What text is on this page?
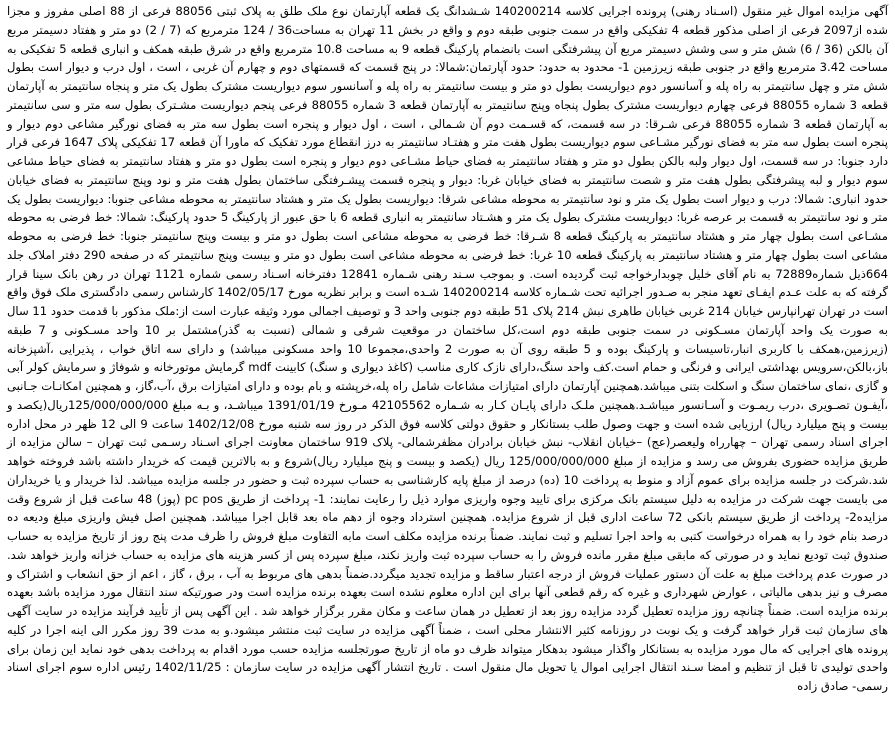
آگهی مزایده اموال غیر منقول (اسـناد رهنی) پرونده اجرایی کلاسه 140200214 شـشدانگ یک قطعه آپارتمان نوع ملک طلق به پلاک ثبتی 88056 فرعی از 88 اصلی مفروز و مجزا شده از2097 فرعی از اصلی مذکور قطعه 4 تفکیکی واقع در سمت جنوبی طبقه دوم و واقع در بخش 11 تهران به مساحت36 / 124 مترمربع که (7 / 2) دو متر و هفتاد دسیمتر مربع آن بالکن (36 / 6) شش متر و سی وشش دسیمتر مربع آن پیشرفتگی است بانضمام پارکینگ قطعه 9 به مساحت 10.8 مترمربع واقع در شرق طبقه همکف و انباری قطعه 5 تفکیکی به مساحت 3.42 مترمربع واقع در جنوبی طبقه زیرزمین 1- محدود به حدود: حدود آپارتمان:شمالا: در پنج قسمت که قسمتهای دوم و چهارم آن غربی ، است ، اول درب و دیوار است بطول شش متر و چهل سانتیمتر به راه پله و آسانسور دوم دیواریست بطول دو متر و بیست سانتیمتر به راه پله و آسانسور سوم دیواریست مشترک بطول یک متر و پنجاه سانتیمتر به آپارتمان قطعه 3 شماره 88055 فرعی چهارم دیواریست مشترک بطول پنجاه وپنج سانتیمتر به آپارتمان قطعه 3 شماره 88055 فرعی پنجم دیواریست مشـترک بطول سه متر و سی سانتیمتر به آپارتمان قطعه 3 شماره 88055 فرعی شـرقا: در سه قسمت، که قسـمت دوم آن شـمالی ، است ، اول دیوار و پنجره است بطول سه متر به فضای نورگیر مشاعی دوم دیوار و پنجره است بطول سه متر به فضای نورگیر مشـاعی سوم دیواریست بطول هفت متر و هفتـاد سانتیمتر به درز انقطاع مورد تفکیک که ماورا آن قطعه 17 تفکیکی پلاک 1647 فرعی قرار دارد جنوبا: در سه قسمت، اول دیوار ولبه بالکن بطول دو متر و هفتاد سانتیمتر به فضای حیاط مشـاعی دوم دیوار و پنجره است بطول دو متر و هفتاد سانتیمتر به فضای حیاط مشاعی سوم دیوار و لبه پیشرفتگی بطول هفت متر و شصت سانتیمتر به فضای خیابان غربا: دیوار و پنجره قسمت پیشـرفتگی ساختمان بطول هفت متر و نود وپنج سانتیمتر به فضای خیابان حدود انباری: شمالا: درب و دیوار است بطول یک متر و نود سانتیمتر به محوطه مشاعی شرقا: دیواریست بطول یک متر و هشتاد سانتیمتر به محوطه مشاعی جنوبا: دیواریست بطول یک متر و نود سانتیمتر به قسمت بر عرصه غربا: دیواریست مشترک بطول یک متر و هشـتاد سانتیمتر به انباری قطعه 6 با حق عبور از پارکینگ 5 حدود پارکینگ: شمالا: خط فرضی به محوطه مشـاعی است بطول چهار متر و هشتاد سانتیمتر به پارکینگ قطعه 8 شـرقا: خط فرضی به محوطه مشاعی است بطول دو متر و بیست وپنج سانتیمتر جنوبا: خط فرضی به محوطه مشاعی است بطول چهار متر و هشتاد سانتیمتر به پارکینگ قطعه 10 غربا: خط فرضی به محوطه مشاعی است بطول دو متر و بیست وپنج سانتیمتر که در صفحه 290 دفتر املاک جلد 664ذیل شماره72889 به نام آقای خلیل چوبدارخواجه ثبت گردیده است. و بموجب سـند رهنی شـماره 12841 دفترخانه اسـناد رسمی شماره 1121 تهران در رهن بانک سینا قرار گرفته که به علت عـدم ایفـای تعهد منجر به صـدور اجرائیه تحت شـماره کلاسه 140200214 شـده است و برابر نظریه مورخ 1402/05/17 کارشناس رسمی دادگستری ملک فوق واقع است در تهران تهرانپارس خیابان 214 غربی خیابان طاهری نبش 214 پلاک 51 طبقه دوم جنوبی واحد 3 و توصیف اجمالی مورد وثیقه عبارت است از:ملک مذکور با قدمت حدود 11 سال به صورت یک واحد آپارتمان مسـکونی در سمت جنوبی طبقه دوم است،کل ساختمان در موقعیت شرقی و شمالی (نسبت به گذر)مشتمل بر 10 واحد مسـکونی و 7 طبقه (زیرزمین،همکف با کاربری انبار،تاسیسات و پارکینگ بوده و 5 طبقه روی آن به صورت 2 واحدی،مجموعا 10 واحد مسکونی میباشد) و دارای سه اتاق خواب ، پذیرایی ،آشپزخانه باز،بالکن،سرویس بهداشتی ایرانی و فرنگی و حمام است.کف واحد سنگ،دارای نازک کاری مناسب (کاغذ دیواری و سنگ) کابینت mdf گرمایش موتورخانه و شوفاژ و سرمایش کولر آبی و گازی ،نمای ساختمان سنگ و اسکلت بتنی میباشد.همچنین آپارتمان دارای امتیازات مشاعات شامل راه پله،خرپشته و بام بوده و دارای امتیازات برق ،آب،گاز، و همچنین امکانـات جـانبی ،آیفـون تصـویری ،درب ریمـوت و آسـانسور میباشـد.همچنین ملـک دارای پایـان کـار به شـماره 42105562 مـورخ 1391/01/19 میباشـد، و بـه مبلغ 125/000/000/000ریال(یکصد و بیست و پنج میلیارد ریال) ارزیابی شده است و جهت وصول طلب بستانکار و حقوق دولتی کلاسه فوق الذکر در روز سه شنبه مورخ 1402/12/08 ساعت 9 الی 12 ظهر در محل اداره اجرای اسناد رسمی تهران – چهارراه ولیعصر(عج) –خیابان انقلاب- نبش خیابان برادران مظفرشمالی- پلاک 919 ساختمان معاونت اجرای اسـناد رسـمی ثبت تهران – سالن مزایده از طریق مزایده حضوری بفروش می رسد و مزایده از مبلغ 125/000/000/000 ریال (یکصد و بیست و پنج میلیارد ریال)شروع و به بالاترین قیمت که خریدار داشته باشد فروخته خواهد شد.شرکت در جلسه مزایده برای عموم آزاد و منوط به پرداخت 10 (ده) درصد از مبلغ پایه کارشناسی به حساب سپرده ثبت و حضور در جلسه مزایده میباشد. لذا خریدار و یا خریداران می بایست جهت شرکت در مزایده به دلیل سیستم بانک مرکزی برای تایید وجوه واریزی موارد ذیل را رعایت نمایند: 1- پرداخت از طریق pc pos (پوز) 48 ساعت قبل از شروع وقت مزایده2- پرداخت از طریق سیستم بانکی 72 ساعت اداری قبل از شروع مزایده. همچنین استرداد وجوه از دهم ماه بعد قابل اجرا میباشد. همچنین اصل فیش واریزی مبلغ ودیعه ده درصد بنام خود را به همراه درخواست کتبی به واحد اجرا تسلیم و ثبت نمایند. ضمناً برنده مزایده مکلف است مابه التفاوت مبلغ فروش را ظرف مدت پنج روز از تاریخ مزایده به حساب صندوق ثبت تودیع نماید و در صورتی که مابقی مبلغ مقرر مانده فروش را به حساب سپرده ثبت واریز نکند، مبلغ سپرده پس از کسر هزینه های مزایده به حساب خزانه واریز خواهد شد. در صورت عدم پرداخت مبلغ به علت آن دستور عملیات فروش از درجه اعتبار ساقط و مزایده تجدید میگردد.ضمناً بدهی های مربوط به آب ، برق ، گاز ، اعم از حق انشعاب و اشتراک و مصرف و نیز بدهی مالیاتی ، عوارض شهرداری و غیره که رقم قطعی آنها برای این اداره معلوم نشده است بعهده برنده مزایده است ودر صورتیکه سند انتقال مورد مزایده باشد بعهده برنده مزایده است. ضمناً چنانچه روز مزایده تعطیل گردد مزایده روز بعد از تعطیل در همان ساعت و مکان مقرر برگزار خواهد شد . این آگهی پس از تأیید فرآیند مزایده در سایت آگهی های سازمان ثبت قرار خواهد گرفت و یک نوبت در روزنامه کثیر الانتشار محلی است ، ضمناً آگهی مزایده در سایت ثبت منتشر میشود.و به مدت 39 روز مکرر الی اینه اجرا در کلیه پرونده های اجرایی که مال مورد مزایده به بستانکار واگذار میشود بدهکار میتواند ظرف دو ماه از تاریخ صورتجلسه مزایده حسب مورد اقدام به پرداخت بدهی خود نماید این زمان برای واحدی تولیدی تا قبل از تنظیم و امضا سـند انتقال اجرایی اموال یا تحویل مال منقول است . تاریخ انتشار آگهی مزایده در سایت سازمان : 1402/11/25 رئیس اداره سوم اجرای اسناد رسمی- صادق زاده
